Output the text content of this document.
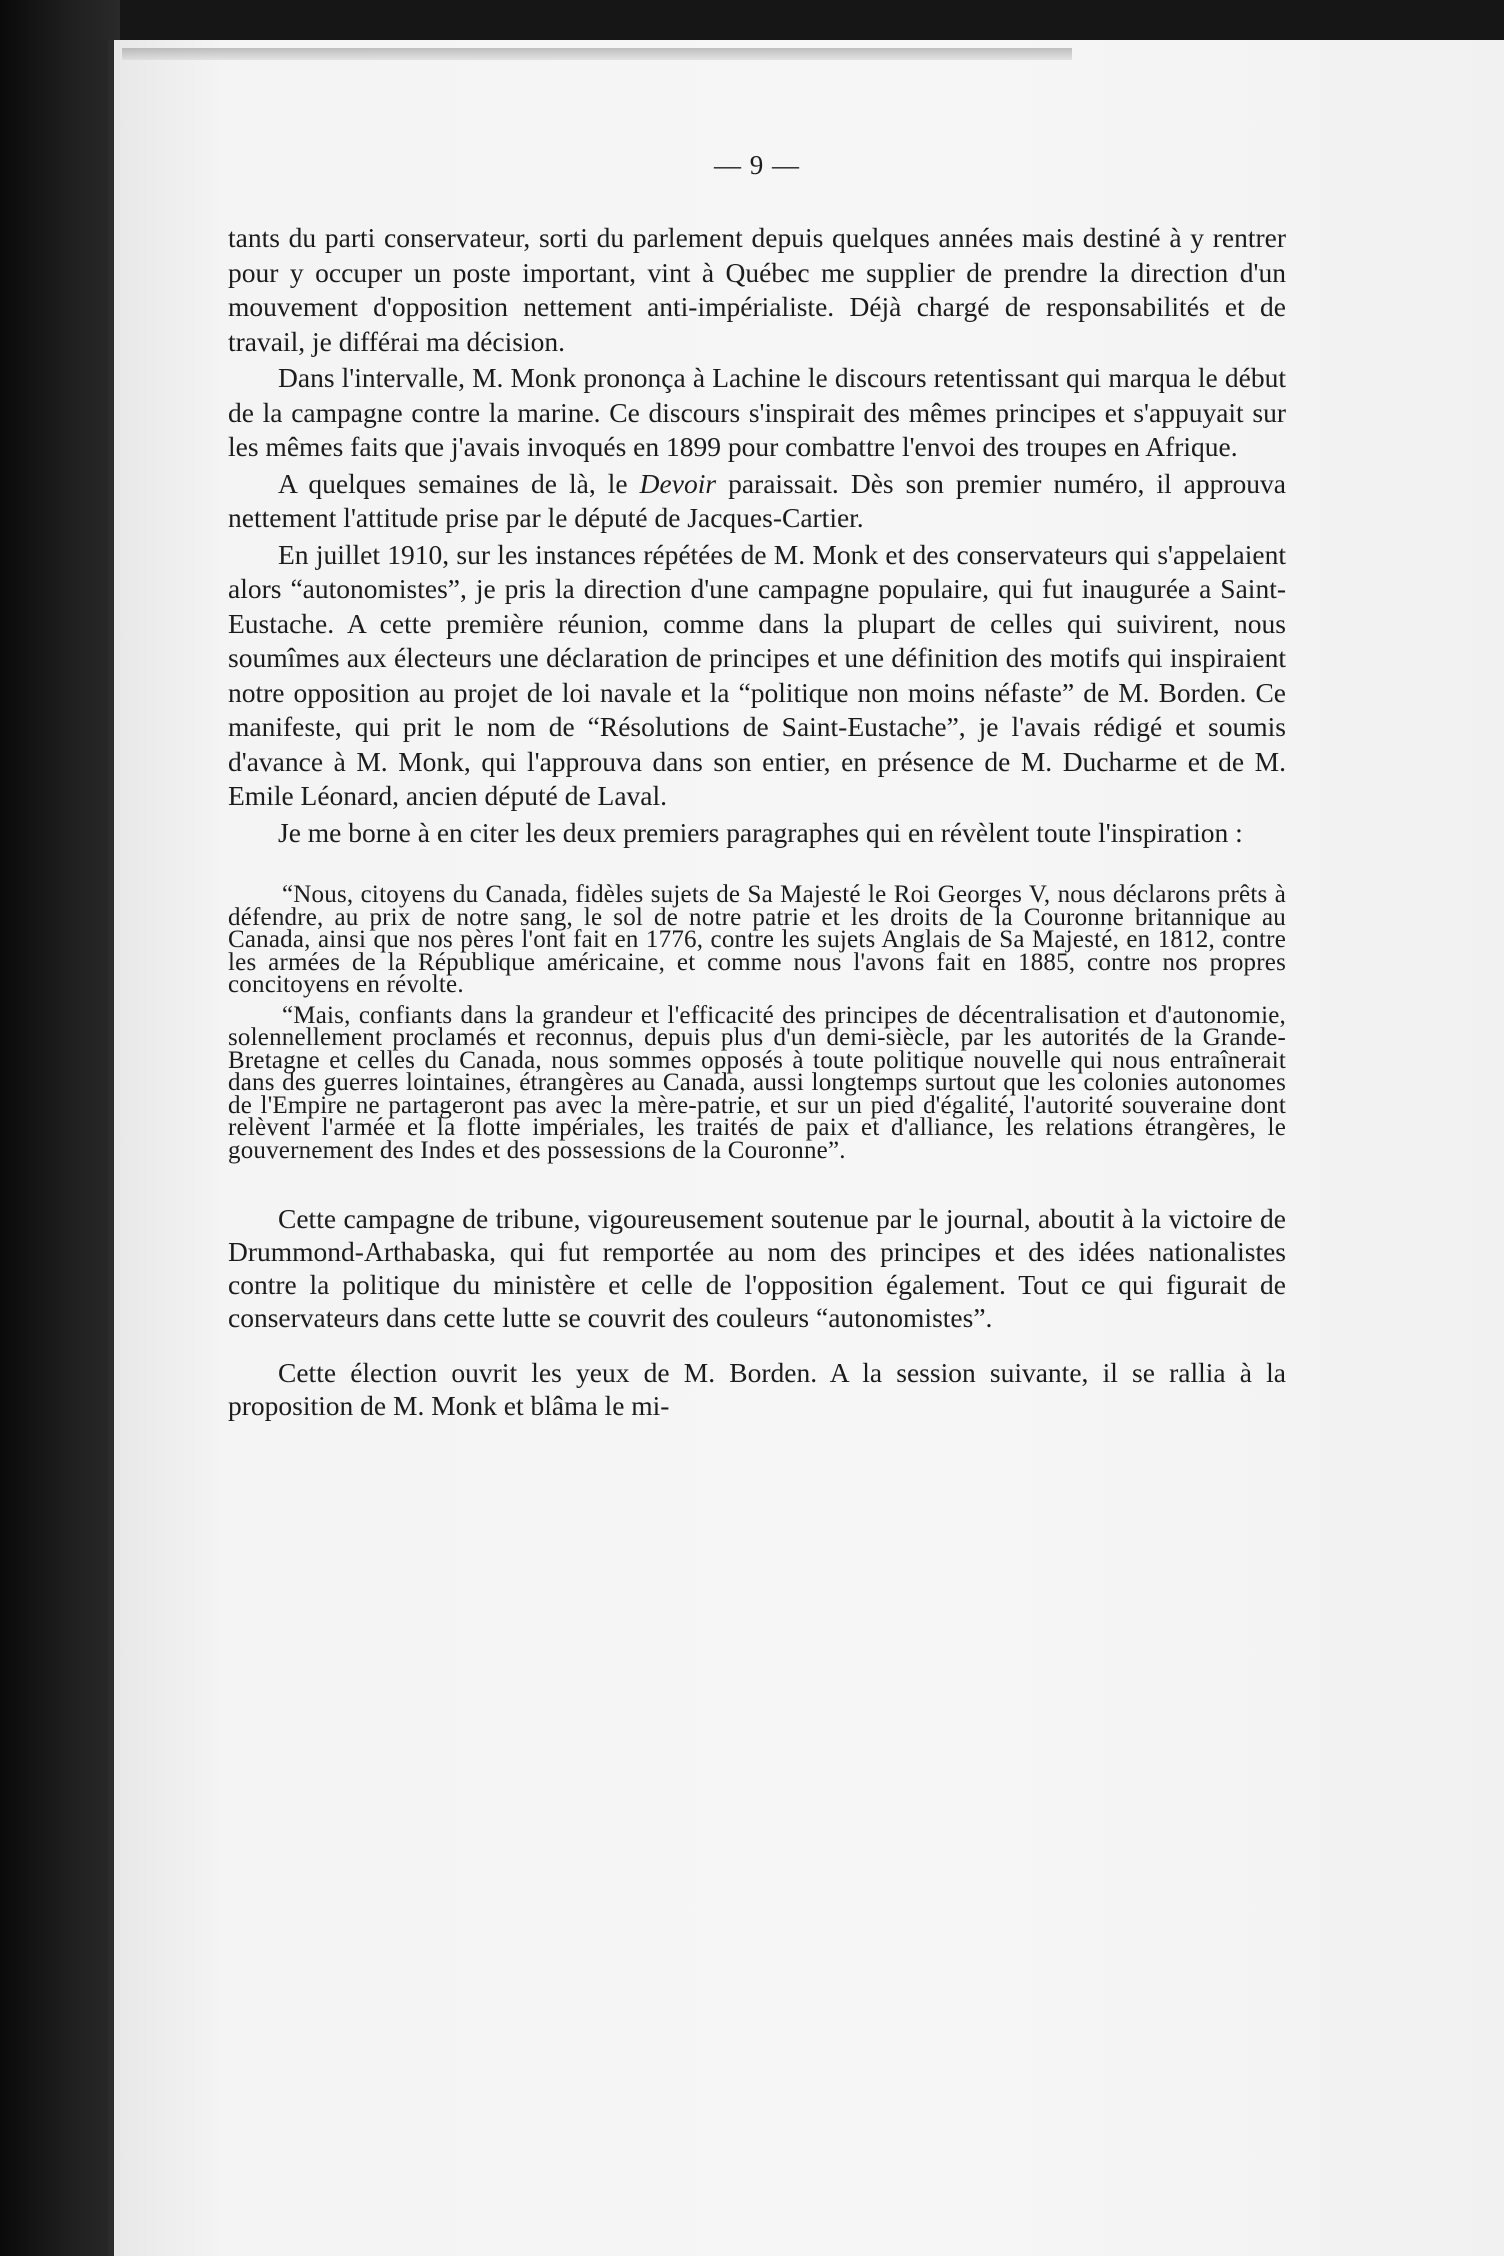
— 9 —

tants du parti conservateur, sorti du parlement depuis quelques années mais destiné à y rentrer pour y occuper un poste important, vint à Québec me supplier de prendre la direction d'un mouvement d'opposition nettement anti-impérialiste. Déjà chargé de responsabilités et de travail, je différai ma décision.

Dans l'intervalle, M. Monk prononça à Lachine le discours retentissant qui marqua le début de la campagne contre la marine. Ce discours s'inspirait des mêmes principes et s'appuyait sur les mêmes faits que j'avais invoqués en 1899 pour combattre l'envoi des troupes en Afrique.

A quelques semaines de là, le Devoir paraissait. Dès son premier numéro, il approuva nettement l'attitude prise par le député de Jacques-Cartier.

En juillet 1910, sur les instances répétées de M. Monk et des conservateurs qui s'appelaient alors “autonomistes”, je pris la direction d'une campagne populaire, qui fut inaugurée a Saint-Eustache. A cette première réunion, comme dans la plupart de celles qui suivirent, nous soumîmes aux électeurs une déclaration de principes et une définition des motifs qui inspiraient notre opposition au projet de loi navale et la “politique non moins néfaste” de M. Borden. Ce manifeste, qui prit le nom de “Résolutions de Saint-Eustache”, je l'avais rédigé et soumis d'avance à M. Monk, qui l'approuva dans son entier, en présence de M. Ducharme et de M. Emile Léonard, ancien député de Laval.

Je me borne à en citer les deux premiers paragraphes qui en révèlent toute l'inspiration :

“Nous, citoyens du Canada, fidèles sujets de Sa Majesté le Roi Georges V, nous déclarons prêts à défendre, au prix de notre sang, le sol de notre patrie et les droits de la Couronne britannique au Canada, ainsi que nos pères l'ont fait en 1776, contre les sujets Anglais de Sa Majesté, en 1812, contre les armées de la République américaine, et comme nous l'avons fait en 1885, contre nos propres concitoyens en révolte.

“Mais, confiants dans la grandeur et l'efficacité des principes de décentralisation et d'autonomie, solennellement proclamés et reconnus, depuis plus d'un demi-siècle, par les autorités de la Grande-Bretagne et celles du Canada, nous sommes opposés à toute politique nouvelle qui nous entraînerait dans des guerres lointaines, étrangères au Canada, aussi longtemps surtout que les colonies autonomes de l'Empire ne partageront pas avec la mère-patrie, et sur un pied d'égalité, l'autorité souveraine dont relèvent l'armée et la flotte impériales, les traités de paix et d'alliance, les relations étrangères, le gouvernement des Indes et des possessions de la Couronne”.

Cette campagne de tribune, vigoureusement soutenue par le journal, aboutit à la victoire de Drummond-Arthabaska, qui fut remportée au nom des principes et des idées nationalistes contre la politique du ministère et celle de l'opposition également. Tout ce qui figurait de conservateurs dans cette lutte se couvrit des couleurs “autonomistes”.

Cette élection ouvrit les yeux de M. Borden. A la session suivante, il se rallia à la proposition de M. Monk et blâma le mi-
